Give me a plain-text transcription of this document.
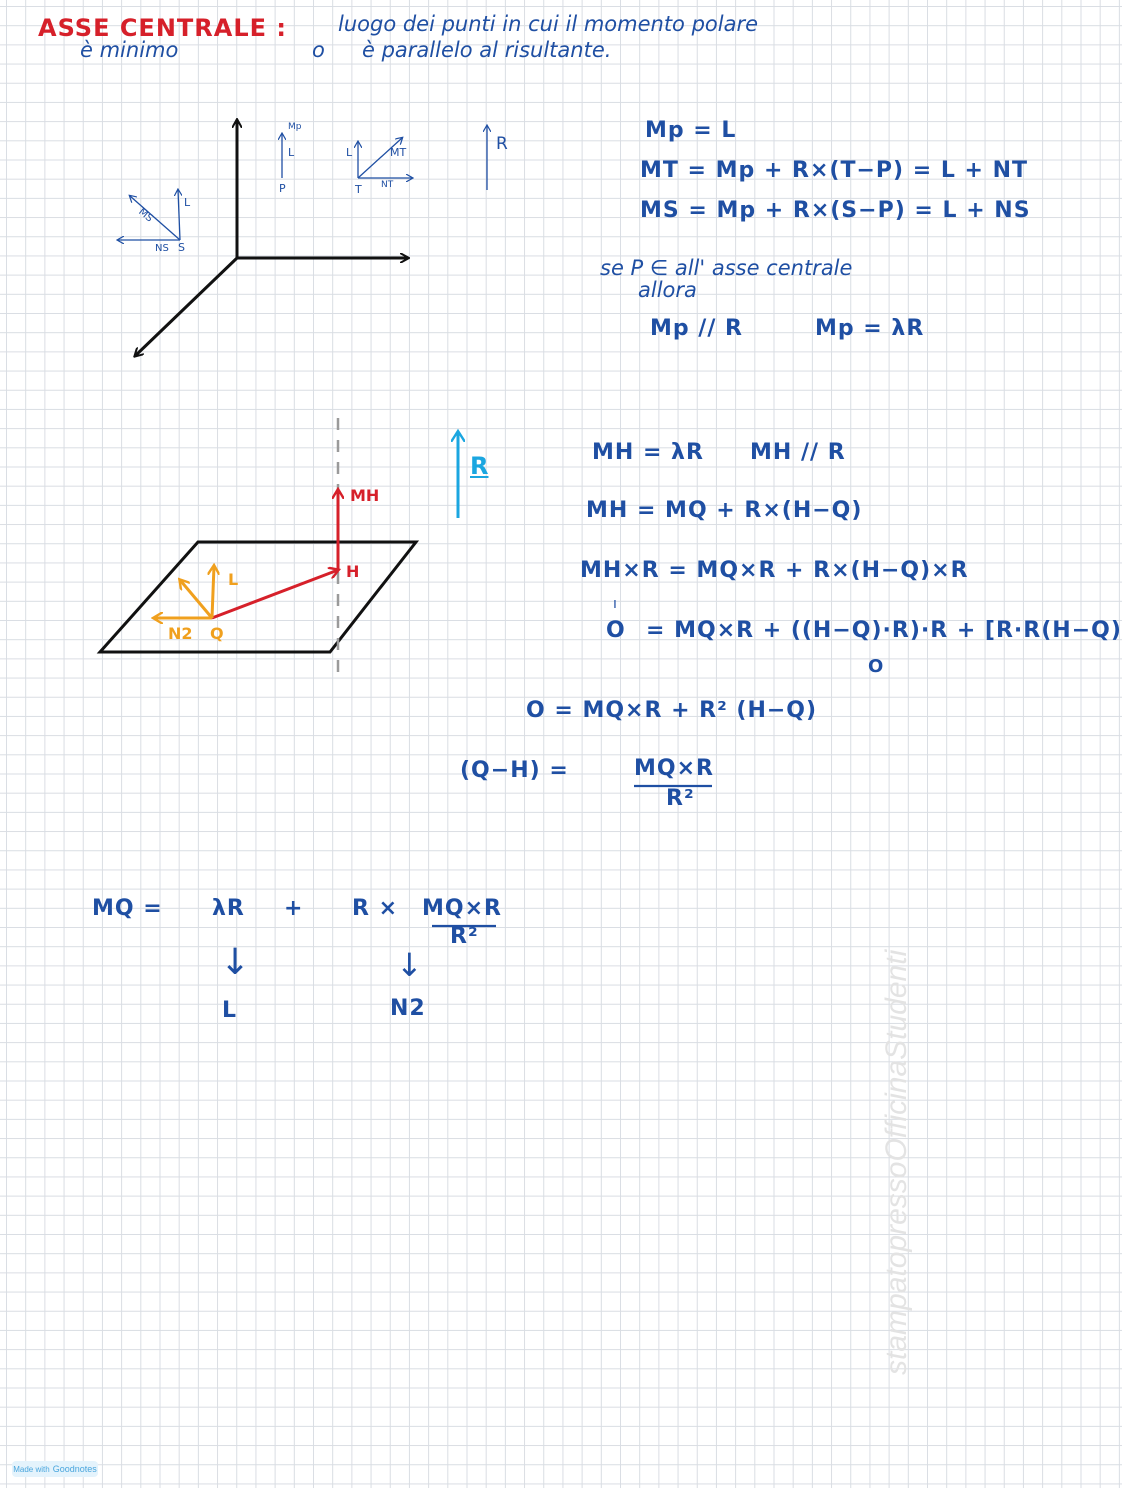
ASSE CENTRALE : luogo dei punti in cui il momento polare
è minimo	o è parallelo al risultante.
Mp
L
P
L	MT
T NT
R
L
MS
NS S
Mp = L
MT = Mp + R×(T−P) = L + NT
MS = Mp + R×(S−P) = L + NS
se P ∈ all' asse centrale
allora
Mp // R	Mp = λR
MH
H
R
L
N2 Q
MH = λR MH // R
MH = MQ + R×(H−Q)
MH×R = MQ×R + R×(H−Q)×R
ı
O = MQ×R + ((H−Q)·R)·R + [R·R(H−Q)
O
O = MQ×R + R² (H−Q)
(Q−H) =	MQ×R
R²
MQ = λR + R × MQ×R
R²
↓	↓
L	N2	stampatopressoOfficinaStudenti
Made with Goodnotes
